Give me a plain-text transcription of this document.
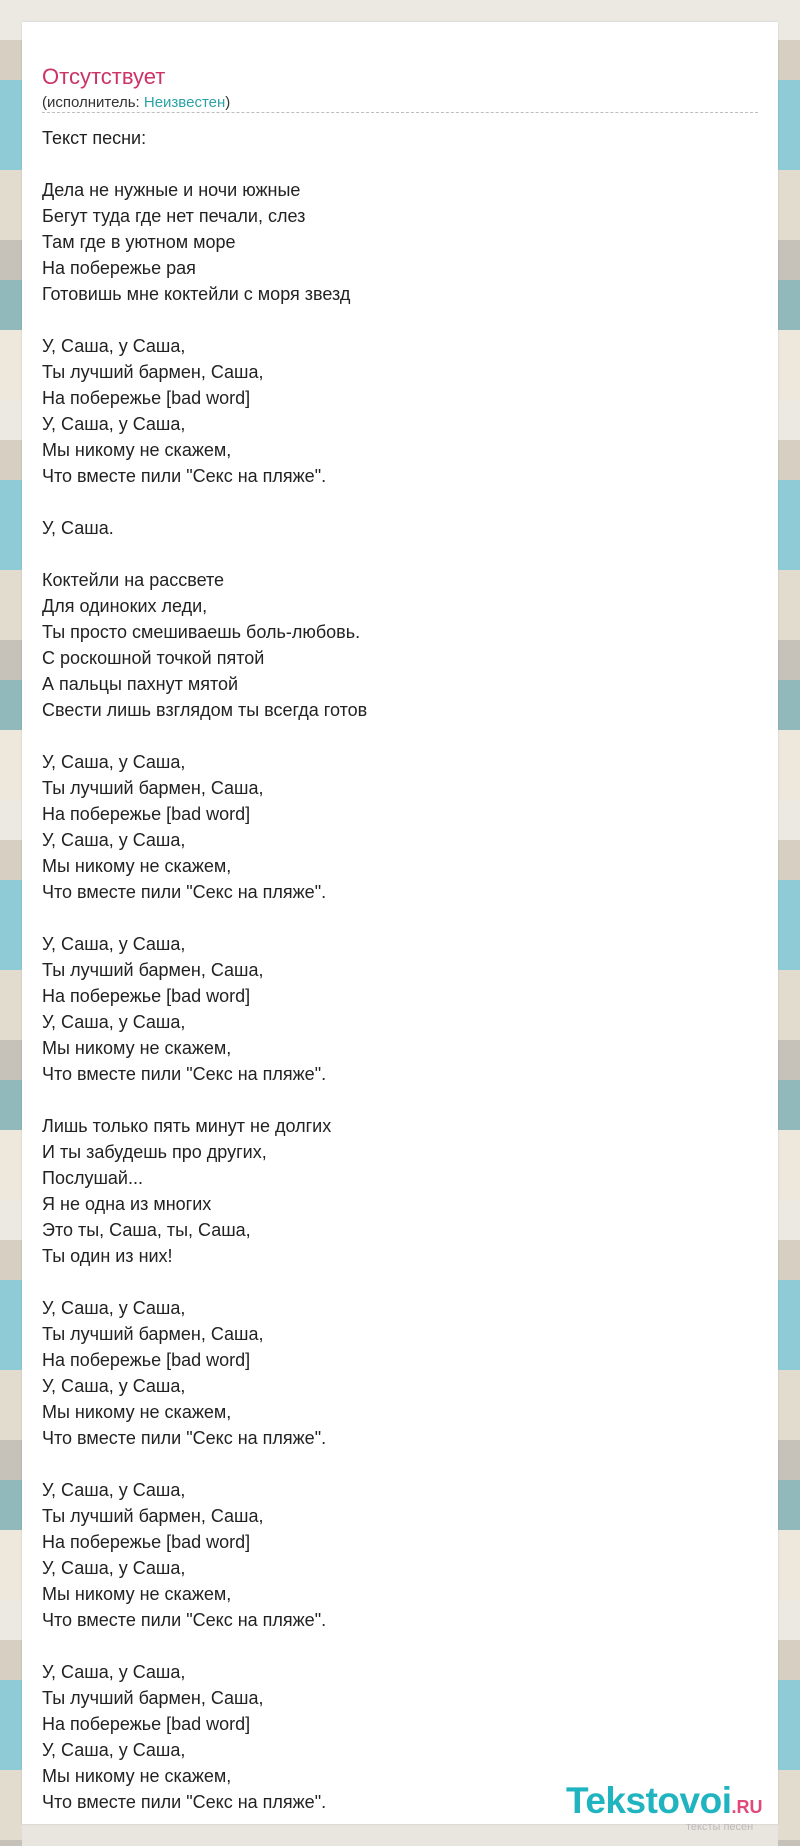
Отсутствует
(исполнитель: Неизвестен)
Текст песни:
Дела не нужные и ночи южные
Бегут туда где нет печали, слез
Там где в уютном море
На побережье рая
Готовишь мне коктейли с моря звезд
У, Саша, у Саша,
Ты лучший бармен, Саша,
На побережье [bad word]
У, Саша, у Саша,
Мы никому не скажем,
Что вместе пили "Секс на пляже".
У, Саша.
Коктейли на рассвете
Для одиноких леди,
Ты просто смешиваешь боль-любовь.
С роскошной точкой пятой
А пальцы пахнут мятой
Свести лишь взглядом ты всегда готов
У, Саша, у Саша,
Ты лучший бармен, Саша,
На побережье [bad word]
У, Саша, у Саша,
Мы никому не скажем,
Что вместе пили "Секс на пляже".
У, Саша, у Саша,
Ты лучший бармен, Саша,
На побережье [bad word]
У, Саша, у Саша,
Мы никому не скажем,
Что вместе пили "Секс на пляже".
Лишь только пять минут не долгих
И ты забудешь про других,
Послушай...
Я не одна из многих
Это ты, Саша, ты, Саша,
Ты один из них!
У, Саша, у Саша,
Ты лучший бармен, Саша,
На побережье [bad word]
У, Саша, у Саша,
Мы никому не скажем,
Что вместе пили "Секс на пляже".
У, Саша, у Саша,
Ты лучший бармен, Саша,
На побережье [bad word]
У, Саша, у Саша,
Мы никому не скажем,
Что вместе пили "Секс на пляже".
У, Саша, у Саша,
Ты лучший бармен, Саша,
На побережье [bad word]
У, Саша, у Саша,
Мы никому не скажем,
Что вместе пили "Секс на пляже".	Tekstovoi.RU
тексты песен
